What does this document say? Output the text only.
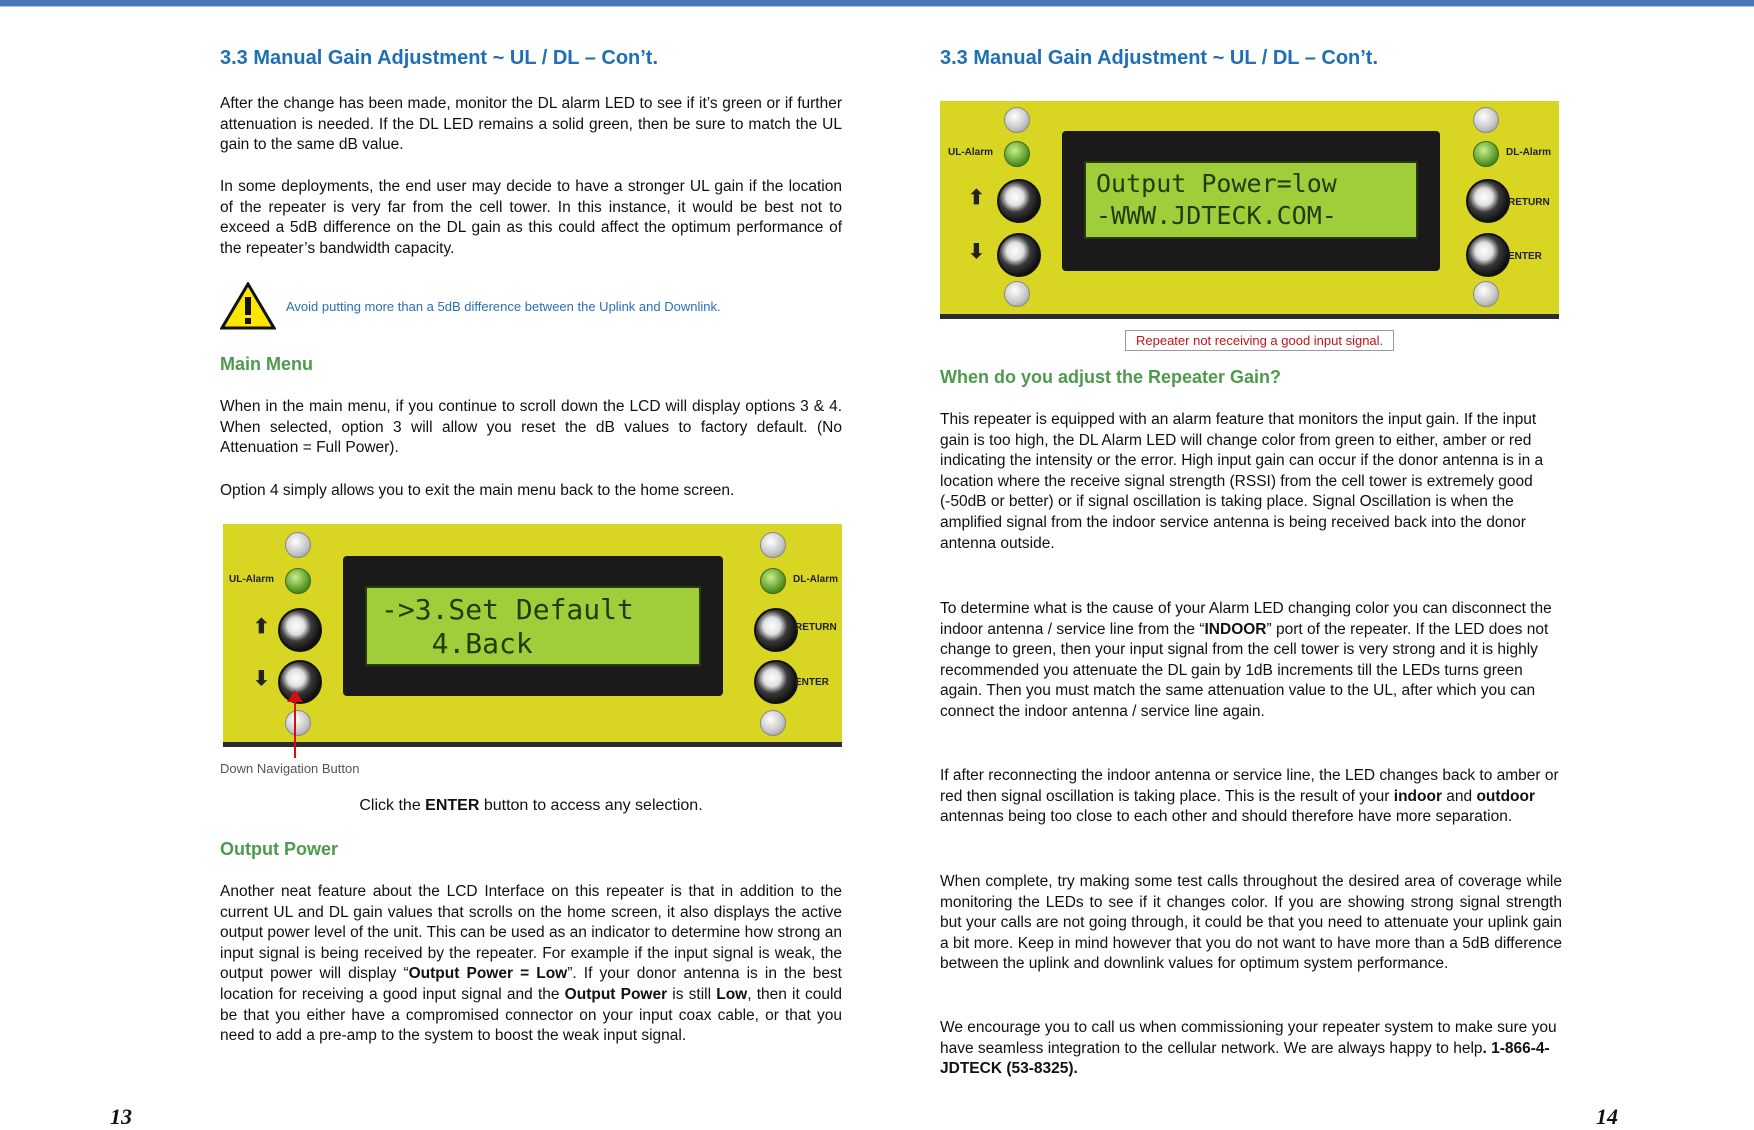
3.3 Manual Gain Adjustment ~ UL / DL – Con’t.

After the change has been made, monitor the DL alarm LED to see if it’s green or if further attenuation is needed. If the DL LED remains a solid green, then be sure to match the UL gain to the same dB value.

In some deployments, the end user may decide to have a stronger UL gain if the location of the repeater is very far from the cell tower. In this instance, it would be best not to exceed a 5dB difference on the DL gain as this could affect the optimum performance of the repeater’s bandwidth capacity.

Avoid putting more than a 5dB difference between the Uplink and Downlink.
Main Menu

When in the main menu, if you continue to scroll down the LCD will display options 3 & 4. When selected, option 3 will allow you reset the dB values to factory default. (No Attenuation = Full Power).

Option 4 simply allows you to exit the main menu back to the home screen.

UL-Alarm	DL-Alarm
⬆
⬇
RETURN
ENTER
->3.Set Default
4.Back
Down Navigation Button
Click the ENTER button to access any selection.
Output Power

Another neat feature about the LCD Interface on this repeater is that in addition to the current UL and DL gain values that scrolls on the home screen, it also displays the active output power level of the unit. This can be used as an indicator to determine how strong an input signal is being received by the repeater. For example if the input signal is weak, the output power will display “Output Power = Low”. If your donor antenna is in the best location for receiving a good input signal and the Output Power is still Low, then it could be that you either have a compromised connector on your input coax cable, or that you need to add a pre-amp to the system to boost the weak input signal.

13
3.3 Manual Gain Adjustment ~ UL / DL – Con’t.
UL-Alarm	DL-Alarm
⬆
⬇
RETURN
ENTER
Output Power=low
-WWW.JDTECK.COM-
Repeater not receiving a good input signal.
When do you adjust the Repeater Gain?

This repeater is equipped with an alarm feature that monitors the input gain. If the input gain is too high, the DL Alarm LED will change color from green to either, amber or red indicating the intensity or the error. High input gain can occur if the donor antenna is in a location where the receive signal strength (RSSI) from the cell tower is extremely good (-50dB or better) or if signal oscillation is taking place. Signal Oscillation is when the amplified signal from the indoor service antenna is being received back into the donor antenna outside.

To determine what is the cause of your Alarm LED changing color you can disconnect the indoor antenna / service line from the “INDOOR” port of the repeater. If the LED does not change to green, then your input signal from the cell tower is very strong and it is highly recommended you attenuate the DL gain by 1dB increments till the LEDs turns green again. Then you must match the same attenuation value to the UL, after which you can connect the indoor antenna / service line again.

If after reconnecting the indoor antenna or service line, the LED changes back to amber or red then signal oscillation is taking place. This is the result of your indoor and outdoor antennas being too close to each other and should therefore have more separation.

When complete, try making some test calls throughout the desired area of coverage while monitoring the LEDs to see if it changes color. If you are showing strong signal strength but your calls are not going through, it could be that you need to attenuate your uplink gain a bit more. Keep in mind however that you do not want to have more than a 5dB difference between the uplink and downlink values for optimum system performance.

We encourage you to call us when commissioning your repeater system to make sure you have seamless integration to the cellular network. We are always happy to help. 1-866-4-JDTECK (53-8325).

14
